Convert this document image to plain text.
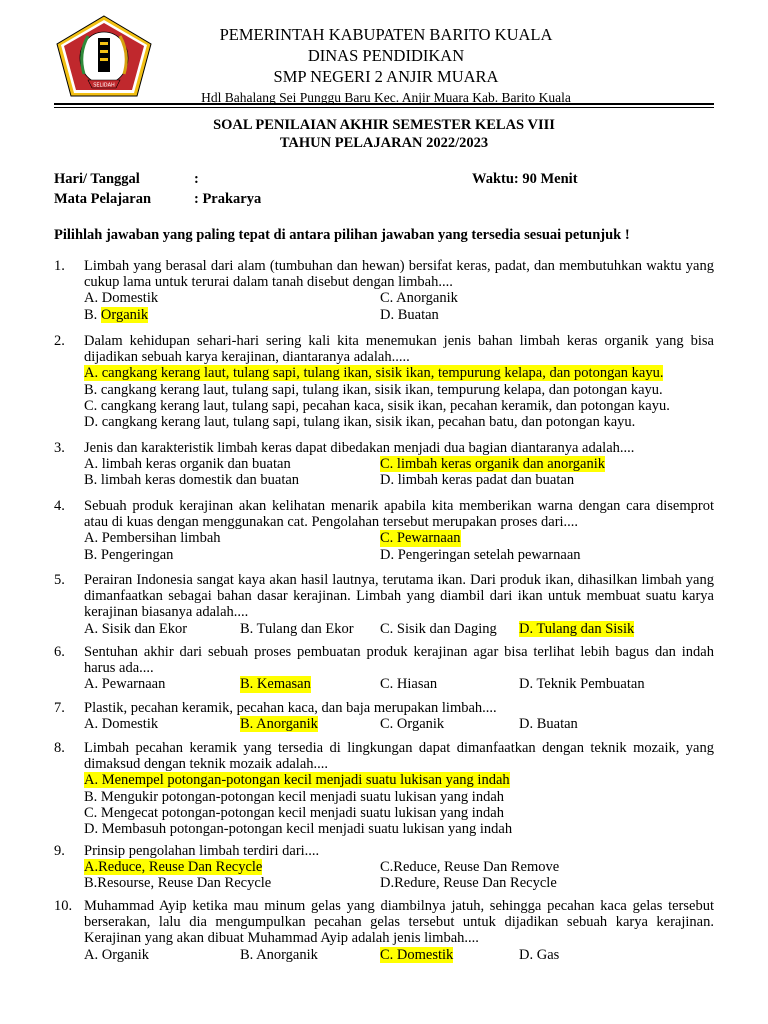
SELIDAH
PEMERINTAH KABUPATEN BARITO KUALA
DINAS PENDIDIKAN
SMP NEGERI 2 ANJIR MUARA
Hdl Bahalang Sei Punggu Baru Kec. Anjir Muara Kab. Barito Kuala
SOAL PENILAIAN AKHIR SEMESTER KELAS VIII
TAHUN PELAJARAN 2022/2023
Hari/ Tanggal	:	Waktu: 90 Menit
Mata Pelajaran	: Prakarya
Pilihlah jawaban yang paling tepat di antara pilihan jawaban yang tersedia sesuai petunjuk !
1. Limbah yang berasal dari alam (tumbuhan dan hewan) bersifat keras, padat, dan membutuhkan waktu yang cukup lama untuk terurai dalam tanah disebut dengan limbah....
A. Domestik	C. Anorganik
B. Organik	D. Buatan
2. Dalam kehidupan sehari-hari sering kali kita menemukan jenis bahan limbah keras organik yang bisa dijadikan sebuah karya kerajinan, diantaranya adalah.....
A. cangkang kerang laut, tulang sapi, tulang ikan, sisik ikan, tempurung kelapa, dan potongan kayu.
B. cangkang kerang laut, tulang sapi, tulang ikan, sisik ikan, tempurung kelapa, dan potongan kayu.
C. cangkang kerang laut, tulang sapi, pecahan kaca, sisik ikan, pecahan keramik, dan potongan kayu.
D. cangkang kerang laut, tulang sapi, tulang ikan, sisik ikan, pecahan batu, dan potongan kayu.
3. Jenis dan karakteristik limbah keras dapat dibedakan menjadi dua bagian diantaranya adalah....
A. limbah keras organik dan buatan	C. limbah keras organik dan anorganik
B. limbah keras domestik dan buatan	D. limbah keras padat dan buatan
4. Sebuah produk kerajinan akan kelihatan menarik apabila kita memberikan warna dengan cara disemprot atau di kuas dengan menggunakan cat. Pengolahan tersebut merupakan proses dari....
A. Pembersihan limbah	C. Pewarnaan
B. Pengeringan	D. Pengeringan setelah pewarnaan
5. Perairan Indonesia sangat kaya akan hasil lautnya, terutama ikan. Dari produk ikan, dihasilkan limbah yang dimanfaatkan sebagai bahan dasar kerajinan. Limbah yang diambil dari ikan untuk membuat suatu karya kerajinan biasanya adalah....
A. Sisik dan Ekor	B. Tulang dan Ekor C. Sisik dan Daging D. Tulang dan Sisik
6. Sentuhan akhir dari sebuah proses pembuatan produk kerajinan agar bisa terlihat lebih bagus dan indah harus ada....
A. Pewarnaan	B. Kemasan	C. Hiasan	D. Teknik Pembuatan
7. Plastik, pecahan keramik, pecahan kaca, dan baja merupakan limbah....
A. Domestik	B. Anorganik	C. Organik	D. Buatan
8. Limbah pecahan keramik yang tersedia di lingkungan dapat dimanfaatkan dengan teknik mozaik, yang dimaksud dengan teknik mozaik adalah....
A. Menempel potongan-potongan kecil menjadi suatu lukisan yang indah
B. Mengukir potongan-potongan kecil menjadi suatu lukisan yang indah
C. Mengecat potongan-potongan kecil menjadi suatu lukisan yang indah
D. Membasuh potongan-potongan kecil menjadi suatu lukisan yang indah
9. Prinsip pengolahan limbah terdiri dari....
A.Reduce, Reuse Dan Recycle	C.Reduce, Reuse Dan Remove
B.Resourse, Reuse Dan Recycle	D.Redure, Reuse Dan Recycle
10. Muhammad Ayip ketika mau minum gelas yang diambilnya jatuh, sehingga pecahan kaca gelas tersebut berserakan, lalu dia mengumpulkan pecahan gelas tersebut untuk dijadikan sebuah karya kerajinan. Kerajinan yang akan dibuat Muhammad Ayip adalah jenis limbah....
A. Organik	B. Anorganik	C. Domestik	D. Gas
